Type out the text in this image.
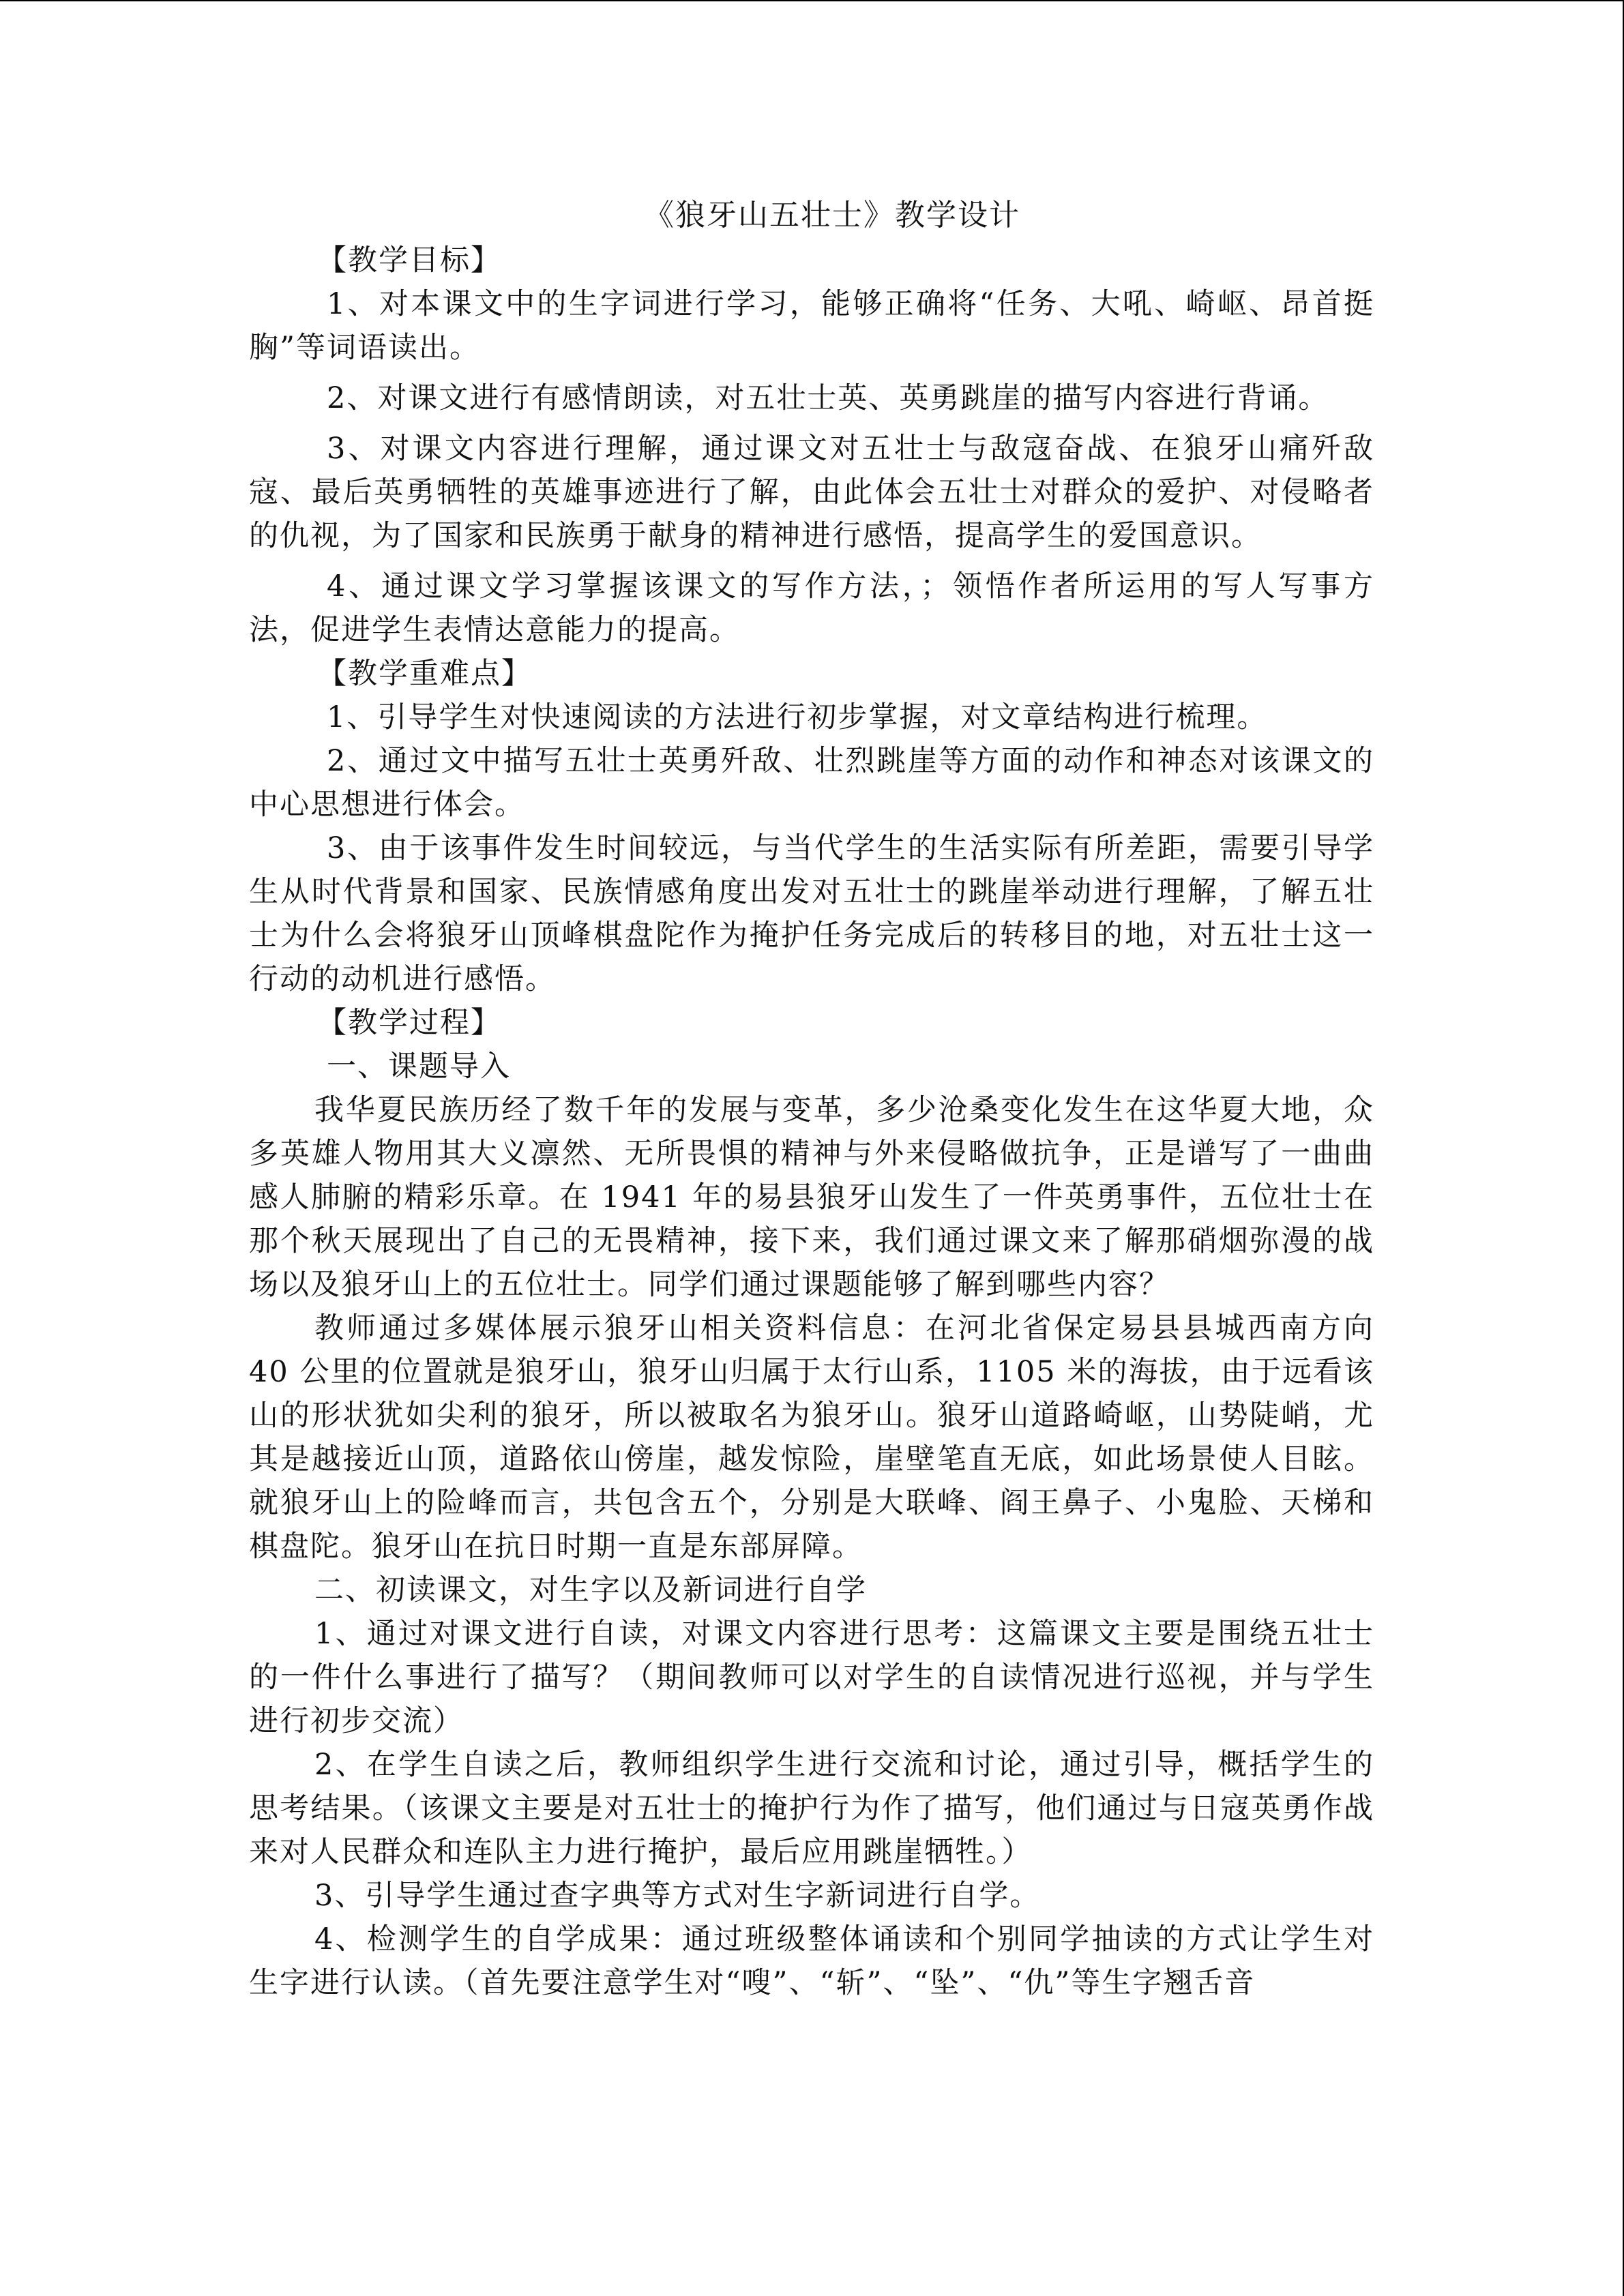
《狼牙山五壮士》教学设计
【教学目标】

1、对本课文中的生字词进行学习，能够正确将“任务、大吼、崎岖、昂首挺胸”等词语读出。

2、对课文进行有感情朗读，对五壮士英、英勇跳崖的描写内容进行背诵。

3、对课文内容进行理解，通过课文对五壮士与敌寇奋战、在狼牙山痛歼敌寇、最后英勇牺牲的英雄事迹进行了解，由此体会五壮士对群众的爱护、对侵略者的仇视，为了国家和民族勇于献身的精神进行感悟，提高学生的爱国意识。

4、通过课文学习掌握该课文的写作方法，；领悟作者所运用的写人写事方法，促进学生表情达意能力的提高。

【教学重难点】

1、引导学生对快速阅读的方法进行初步掌握，对文章结构进行梳理。

2、通过文中描写五壮士英勇歼敌、壮烈跳崖等方面的动作和神态对该课文的中心思想进行体会。

3、由于该事件发生时间较远，与当代学生的生活实际有所差距，需要引导学生从时代背景和国家、民族情感角度出发对五壮士的跳崖举动进行理解，了解五壮士为什么会将狼牙山顶峰棋盘陀作为掩护任务完成后的转移目的地，对五壮士这一行动的动机进行感悟。

【教学过程】

一、课题导入

我华夏民族历经了数千年的发展与变革，多少沧桑变化发生在这华夏大地，众多英雄人物用其大义凛然、无所畏惧的精神与外来侵略做抗争，正是谱写了一曲曲感人肺腑的精彩乐章。在 1941 年的易县狼牙山发生了一件英勇事件，五位壮士在那个秋天展现出了自己的无畏精神，接下来，我们通过课文来了解那硝烟弥漫的战场以及狼牙山上的五位壮士。同学们通过课题能够了解到哪些内容？

教师通过多媒体展示狼牙山相关资料信息：在河北省保定易县县城西南方向 40 公里的位置就是狼牙山，狼牙山归属于太行山系，1105 米的海拔，由于远看该山的形状犹如尖利的狼牙，所以被取名为狼牙山。狼牙山道路崎岖，山势陡峭，尤其是越接近山顶，道路依山傍崖，越发惊险，崖壁笔直无底，如此场景使人目眩。就狼牙山上的险峰而言，共包含五个，分别是大联峰、阎王鼻子、小鬼脸、天梯和棋盘陀。狼牙山在抗日时期一直是东部屏障。

二、初读课文，对生字以及新词进行自学

1、通过对课文进行自读，对课文内容进行思考：这篇课文主要是围绕五壮士的一件什么事进行了描写？（期间教师可以对学生的自读情况进行巡视，并与学生进行初步交流）

2、在学生自读之后，教师组织学生进行交流和讨论，通过引导，概括学生的思考结果。（该课文主要是对五壮士的掩护行为作了描写，他们通过与日寇英勇作战来对人民群众和连队主力进行掩护，最后应用跳崖牺牲。）

3、引导学生通过查字典等方式对生字新词进行自学。

4、检测学生的自学成果：通过班级整体诵读和个别同学抽读的方式让学生对生字进行认读。（首先要注意学生对“嗖”、“斩”、“坠”、“仇”等生字翘舌音
